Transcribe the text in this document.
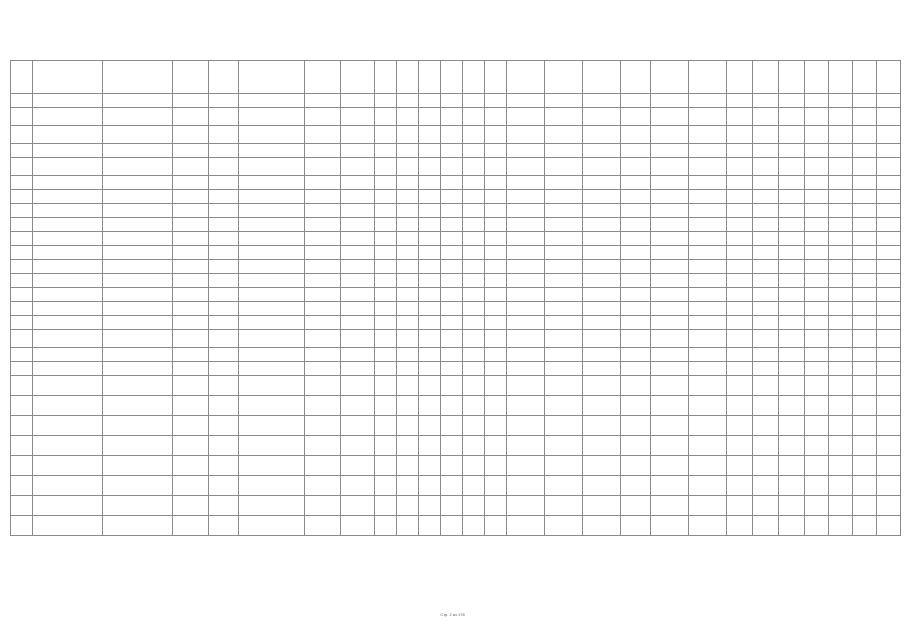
Стр. 2 из 178
